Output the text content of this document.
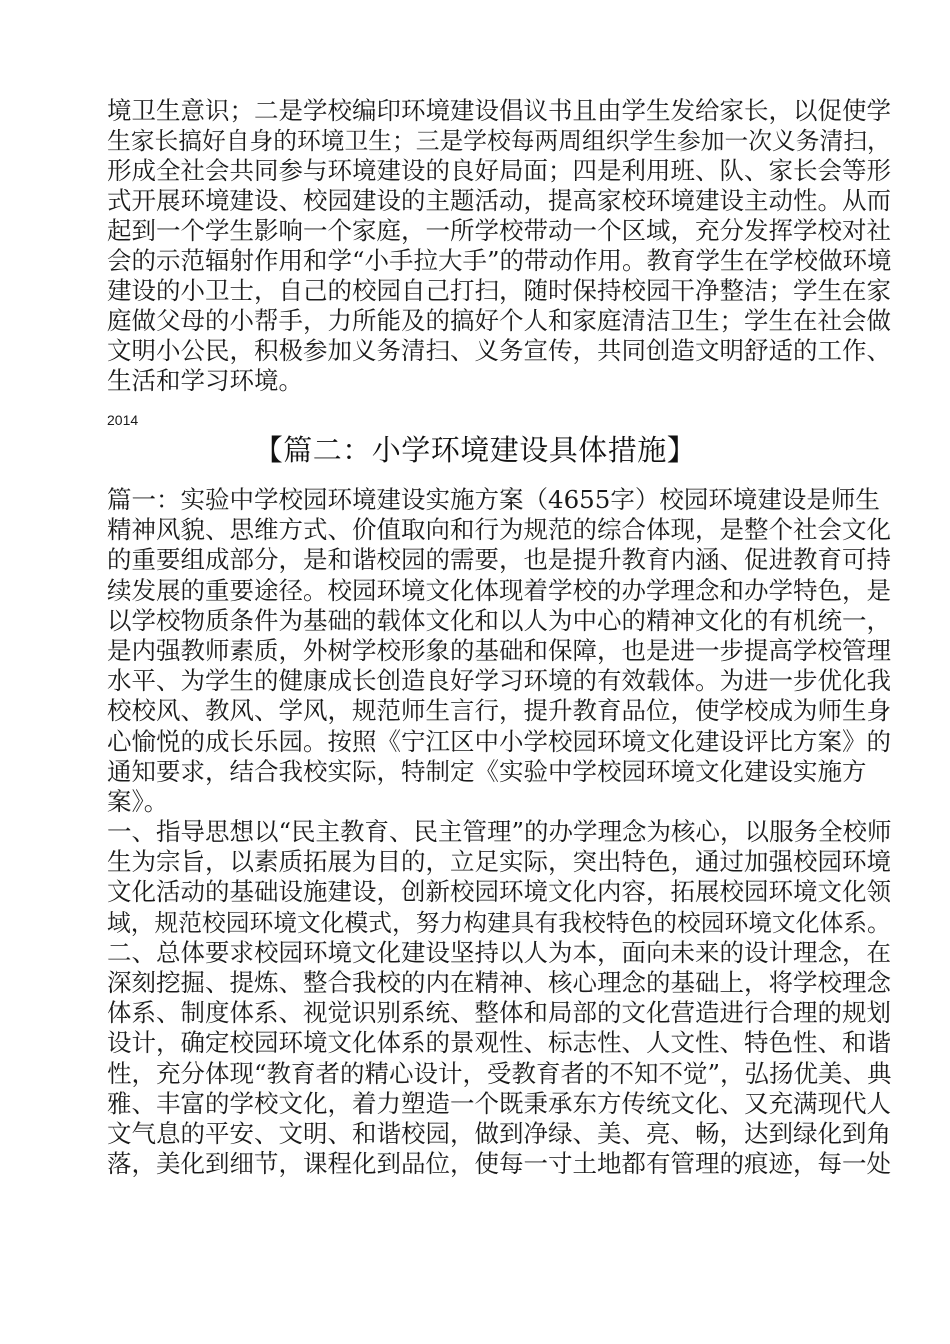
境卫生意识；二是学校编印环境建设倡议书且由学生发给家长，以促使学

生家长搞好自身的环境卫生；三是学校每两周组织学生参加一次义务清扫，

形成全社会共同参与环境建设的良好局面；四是利用班、队、家长会等形

式开展环境建设、校园建设的主题活动，提高家校环境建设主动性。从而

起到一个学生影响一个家庭，一所学校带动一个区域，充分发挥学校对社

会的示范辐射作用和学“小手拉大手”的带动作用。教育学生在学校做环境

建设的小卫士，自己的校园自己打扫，随时保持校园干净整洁；学生在家

庭做父母的小帮手，力所能及的搞好个人和家庭清洁卫生；学生在社会做

文明小公民，积极参加义务清扫、义务宣传，共同创造文明舒适的工作、

生活和学习环境。

2014
【篇二：小学环境建设具体措施】

篇一：实验中学校园环境建设实施方案（4655字）校园环境建设是师生

精神风貌、思维方式、价值取向和行为规范的综合体现，是整个社会文化

的重要组成部分，是和谐校园的需要，也是提升教育内涵、促进教育可持

续发展的重要途径。校园环境文化体现着学校的办学理念和办学特色，是

以学校物质条件为基础的载体文化和以人为中心的精神文化的有机统一，

是内强教师素质，外树学校形象的基础和保障，也是进一步提高学校管理

水平、为学生的健康成长创造良好学习环境的有效载体。为进一步优化我

校校风、教风、学风，规范师生言行，提升教育品位，使学校成为师生身

心愉悦的成长乐园。按照《宁江区中小学校园环境文化建设评比方案》的

通知要求，结合我校实际，特制定《实验中学校园环境文化建设实施方

案》。

一、指导思想以“民主教育、民主管理”的办学理念为核心，以服务全校师

生为宗旨，以素质拓展为目的，立足实际，突出特色，通过加强校园环境

文化活动的基础设施建设，创新校园环境文化内容，拓展校园环境文化领

域，规范校园环境文化模式，努力构建具有我校特色的校园环境文化体系。

二、总体要求校园环境文化建设坚持以人为本，面向未来的设计理念，在

深刻挖掘、提炼、整合我校的内在精神、核心理念的基础上，将学校理念

体系、制度体系、视觉识别系统、整体和局部的文化营造进行合理的规划

设计，确定校园环境文化体系的景观性、标志性、人文性、特色性、和谐

性，充分体现“教育者的精心设计，受教育者的不知不觉”，弘扬优美、典

雅、丰富的学校文化，着力塑造一个既秉承东方传统文化、又充满现代人

文气息的平安、文明、和谐校园，做到净绿、美、亮、畅，达到绿化到角

落，美化到细节，课程化到品位，使每一寸土地都有管理的痕迹，每一处
